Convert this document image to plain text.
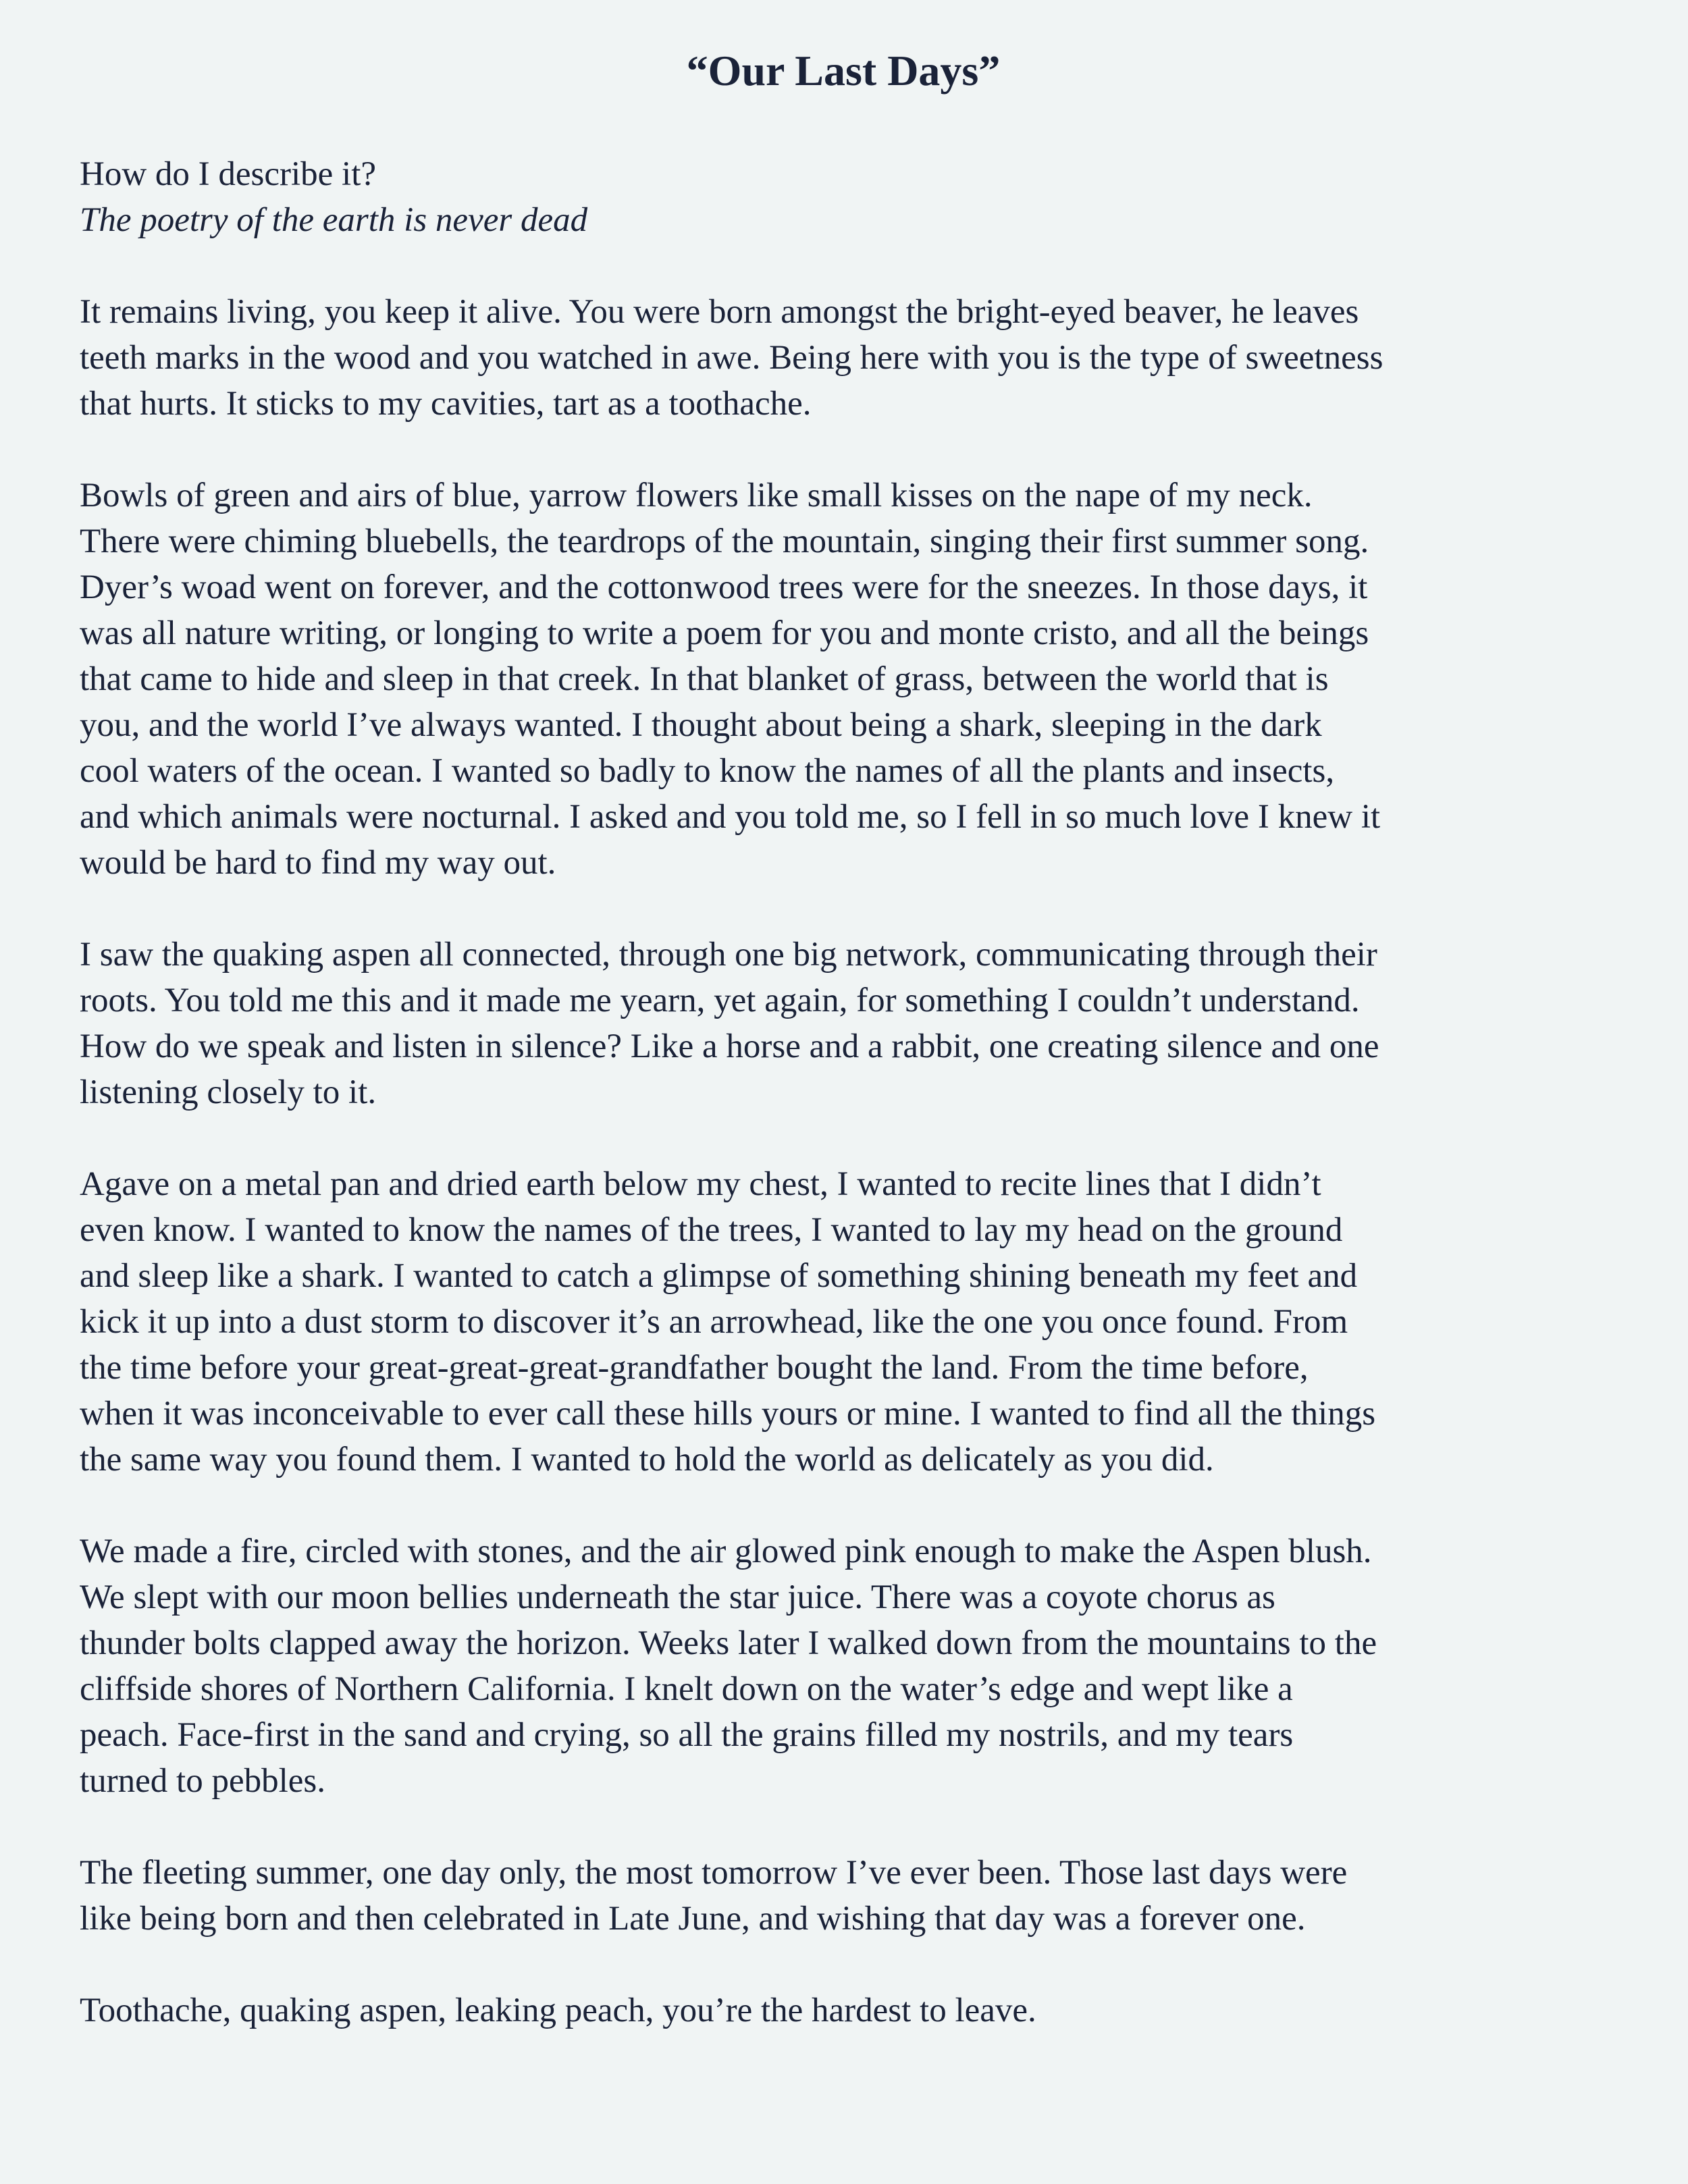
“Our Last Days”
How do I describe it?
The poetry of the earth is never dead
It remains living, you keep it alive. You were born amongst the bright-eyed beaver, he leaves
teeth marks in the wood and you watched in awe. Being here with you is the type of sweetness
that hurts. It sticks to my cavities, tart as a toothache.
Bowls of green and airs of blue, yarrow flowers like small kisses on the nape of my neck.
There were chiming bluebells, the teardrops of the mountain, singing their first summer song.
Dyer’s woad went on forever, and the cottonwood trees were for the sneezes. In those days, it
was all nature writing, or longing to write a poem for you and monte cristo, and all the beings
that came to hide and sleep in that creek. In that blanket of grass, between the world that is
you, and the world I’ve always wanted. I thought about being a shark, sleeping in the dark
cool waters of the ocean. I wanted so badly to know the names of all the plants and insects,
and which animals were nocturnal. I asked and you told me, so I fell in so much love I knew it
would be hard to find my way out.
I saw the quaking aspen all connected, through one big network, communicating through their
roots. You told me this and it made me yearn, yet again, for something I couldn’t understand.
How do we speak and listen in silence? Like a horse and a rabbit, one creating silence and one
listening closely to it.
Agave on a metal pan and dried earth below my chest, I wanted to recite lines that I didn’t
even know. I wanted to know the names of the trees, I wanted to lay my head on the ground
and sleep like a shark. I wanted to catch a glimpse of something shining beneath my feet and
kick it up into a dust storm to discover it’s an arrowhead, like the one you once found. From
the time before your great-great-great-grandfather bought the land. From the time before,
when it was inconceivable to ever call these hills yours or mine. I wanted to find all the things
the same way you found them. I wanted to hold the world as delicately as you did.
We made a fire, circled with stones, and the air glowed pink enough to make the Aspen blush.
We slept with our moon bellies underneath the star juice. There was a coyote chorus as
thunder bolts clapped away the horizon. Weeks later I walked down from the mountains to the
cliffside shores of Northern California. I knelt down on the water’s edge and wept like a
peach. Face-first in the sand and crying, so all the grains filled my nostrils, and my tears
turned to pebbles.
The fleeting summer, one day only, the most tomorrow I’ve ever been. Those last days were
like being born and then celebrated in Late June, and wishing that day was a forever one.
Toothache, quaking aspen, leaking peach, you’re the hardest to leave.
